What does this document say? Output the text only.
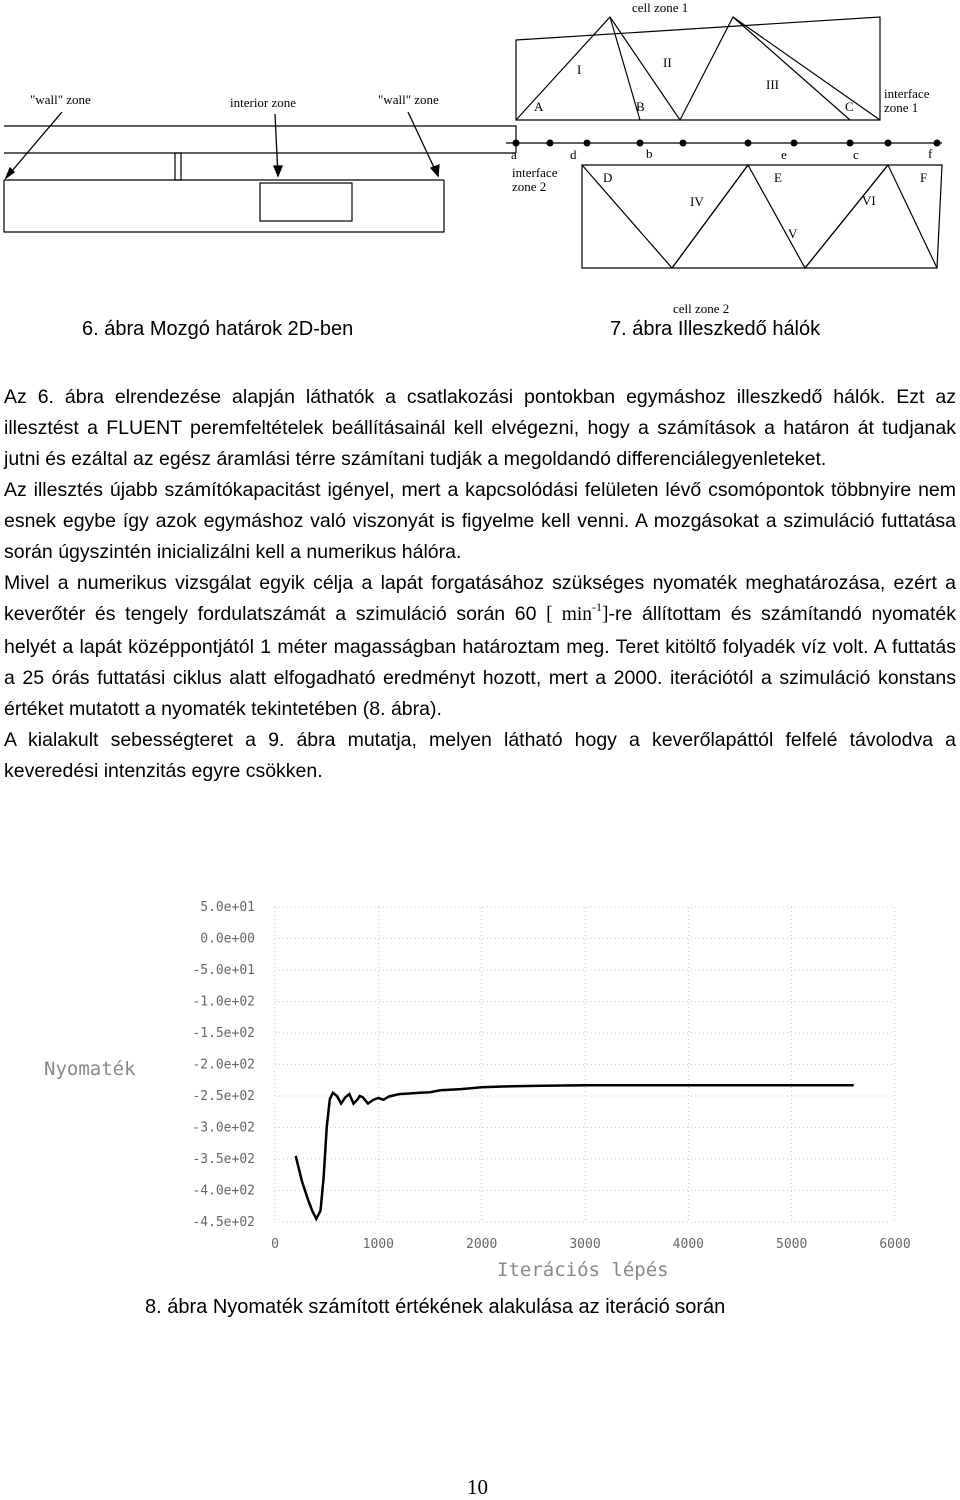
"wall" zone	interior zone	"wall" zone
cell zone 1
I	II
III
A	B	C
interface zone 1
a	d	b	e	c	f
interface zone 2
D	E	F
IV
V
VI
cell zone 2
6. ábra Mozgó határok 2D-ben	7. ábra Illeszkedő hálók

Az 6. ábra elrendezése alapján láthatók a csatlakozási pontokban egymáshoz illeszkedő hálók. Ezt az illesztést a FLUENT peremfeltételek beállításainál kell elvégezni, hogy a számítások a határon át tudjanak jutni és ezáltal az egész áramlási térre számítani tudják a megoldandó differenciálegyenleteket.

Az illesztés újabb számítókapacitást igényel, mert a kapcsolódási felületen lévő csomópontok többnyire nem esnek egybe így azok egymáshoz való viszonyát is figyelme kell venni. A mozgásokat a szimuláció futtatása során úgyszintén inicializálni kell a numerikus hálóra.

Mivel a numerikus vizsgálat egyik célja a lapát forgatásához szükséges nyomaték meghatározása, ezért a keverőtér és tengely fordulatszámát a szimuláció során 60 [ $\min^{-1}]-re$ állítottam és számítandó nyomaték helyét a lapát középpontjától 1 méter magasságban határoztam meg. Teret kitöltő folyadék víz volt. A futtatás a 25 órás futtatási ciklus alatt elfogadható eredményt hozott, mert a 2000. iterációtól a szimuláció konstans értéket mutatott a nyomaték tekintetében (8. ábra).

A kialakult sebességteret a 9. ábra mutatja, melyen látható hogy a keverőlapáttól felfelé távolodva a keveredési intenzitás egyre csökken.

5.0e+01
0.0e+00
-5.0e+01
-1.0e+02
-1.5e+02
-2.0e+02
-2.5e+02
-3.0e+02
-3.5e+02
-4.0e+02
-4.5e+02
0	1000	2000	3000	4000	5000	6000
Nyomaték
Iterációs lépés
8. ábra Nyomaték számított értékének alakulása az iteráció során
10
